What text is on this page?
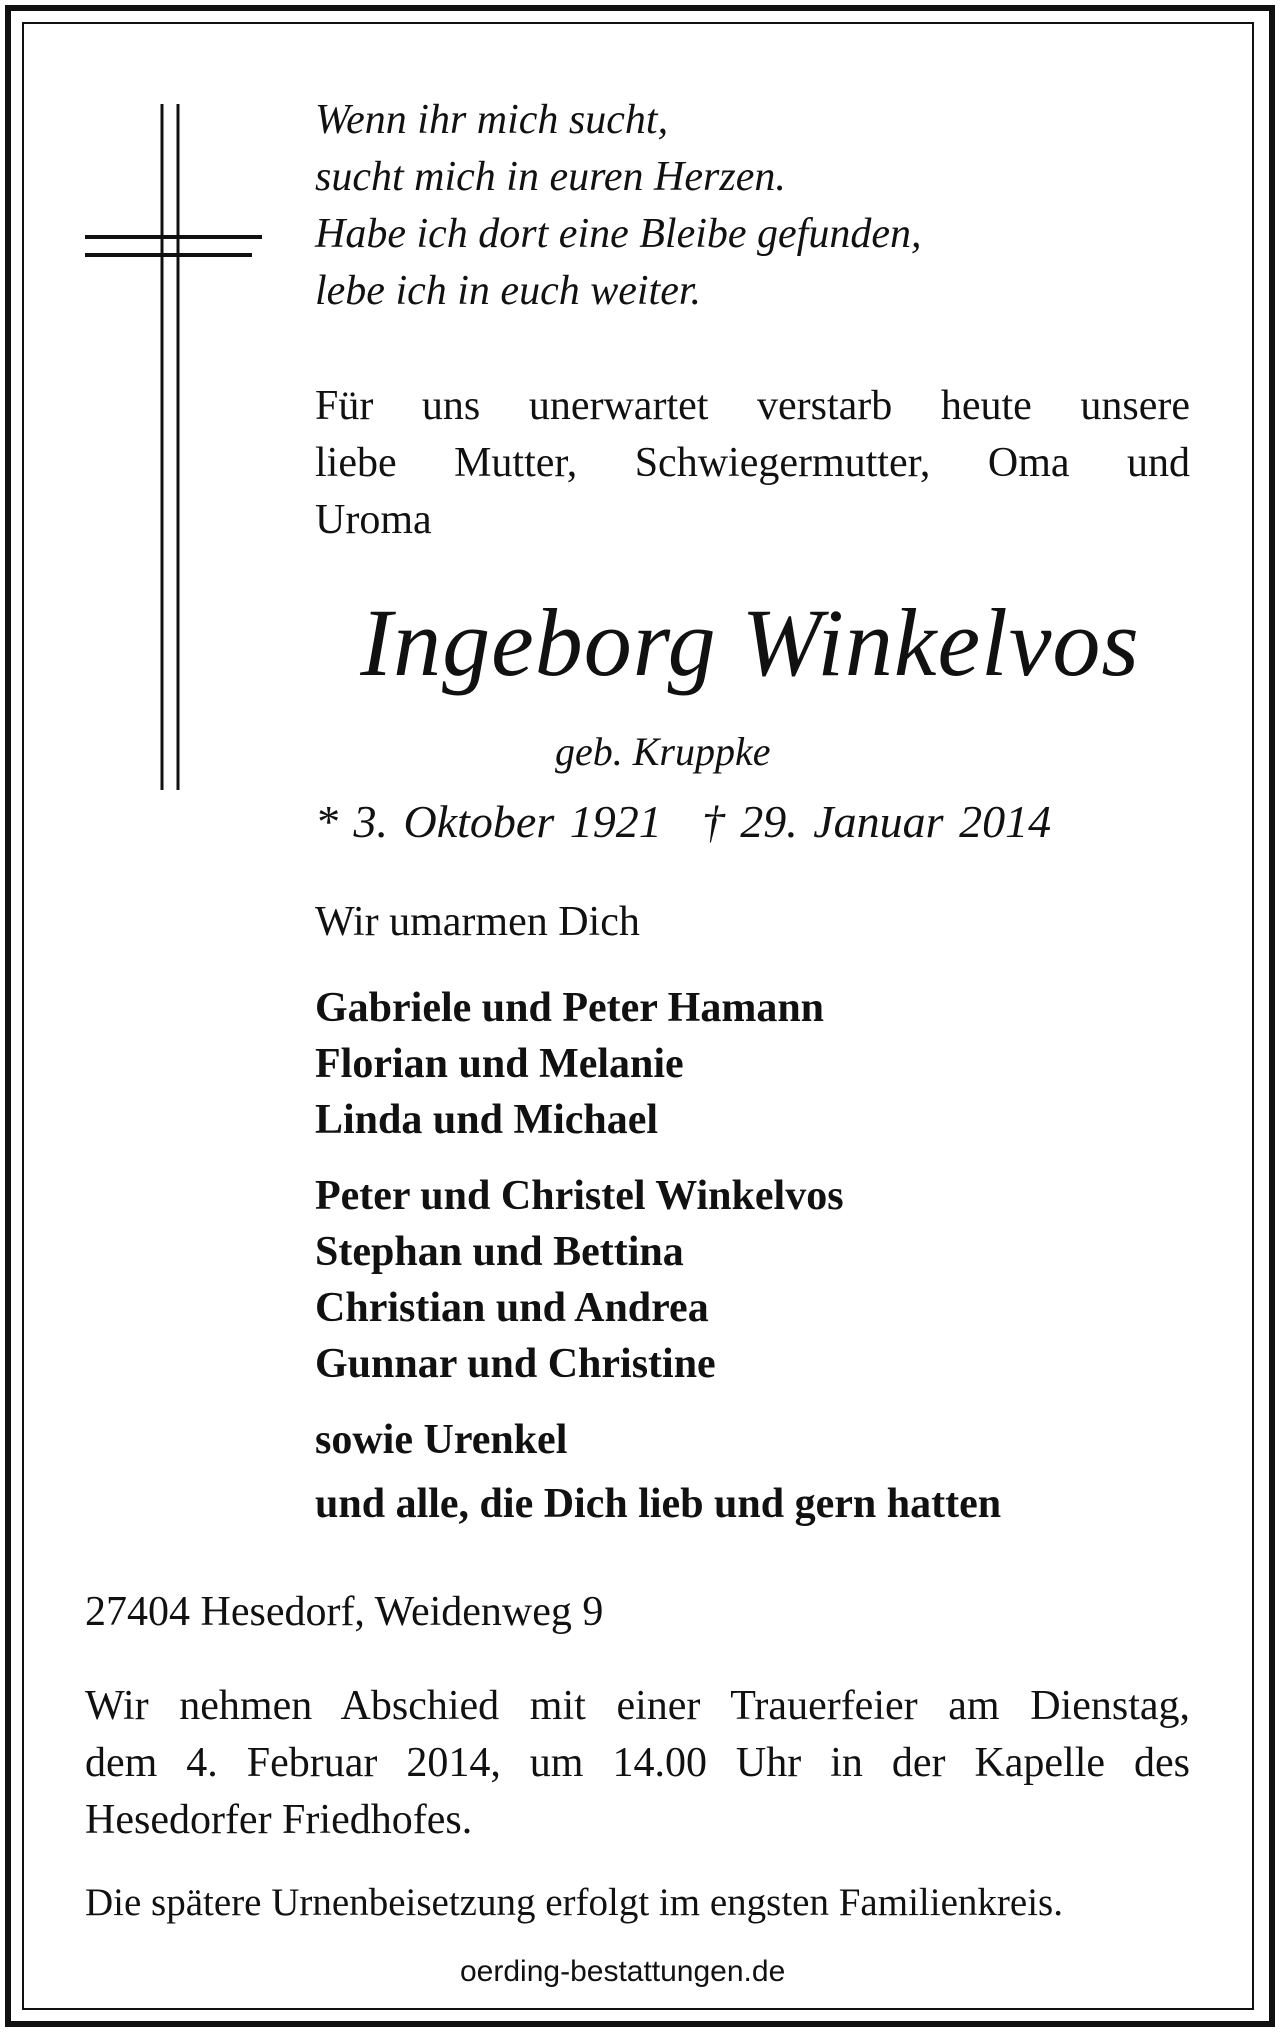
Wenn ihr mich sucht,
sucht mich in euren Herzen.
Habe ich dort eine Bleibe gefunden,
lebe ich in euch weiter.
Für uns unerwartet verstarb heute unsere
liebe Mutter, Schwiegermutter, Oma und
Uroma
Ingeborg Winkelvos
geb. Kruppke
* 3. Oktober 1921 † 29. Januar 2014
Wir umarmen Dich
Gabriele und Peter Hamann
Florian und Melanie
Linda und Michael
Peter und Christel Winkelvos
Stephan und Bettina
Christian und Andrea
Gunnar und Christine
sowie Urenkel
und alle, die Dich lieb und gern hatten
27404 Hesedorf, Weidenweg 9
Wir nehmen Abschied mit einer Trauerfeier am Dienstag,
dem 4. Februar 2014, um 14.00 Uhr in der Kapelle des
Hesedorfer Friedhofes.
Die spätere Urnenbeisetzung erfolgt im engsten Familienkreis.
oerding-bestattungen.de
